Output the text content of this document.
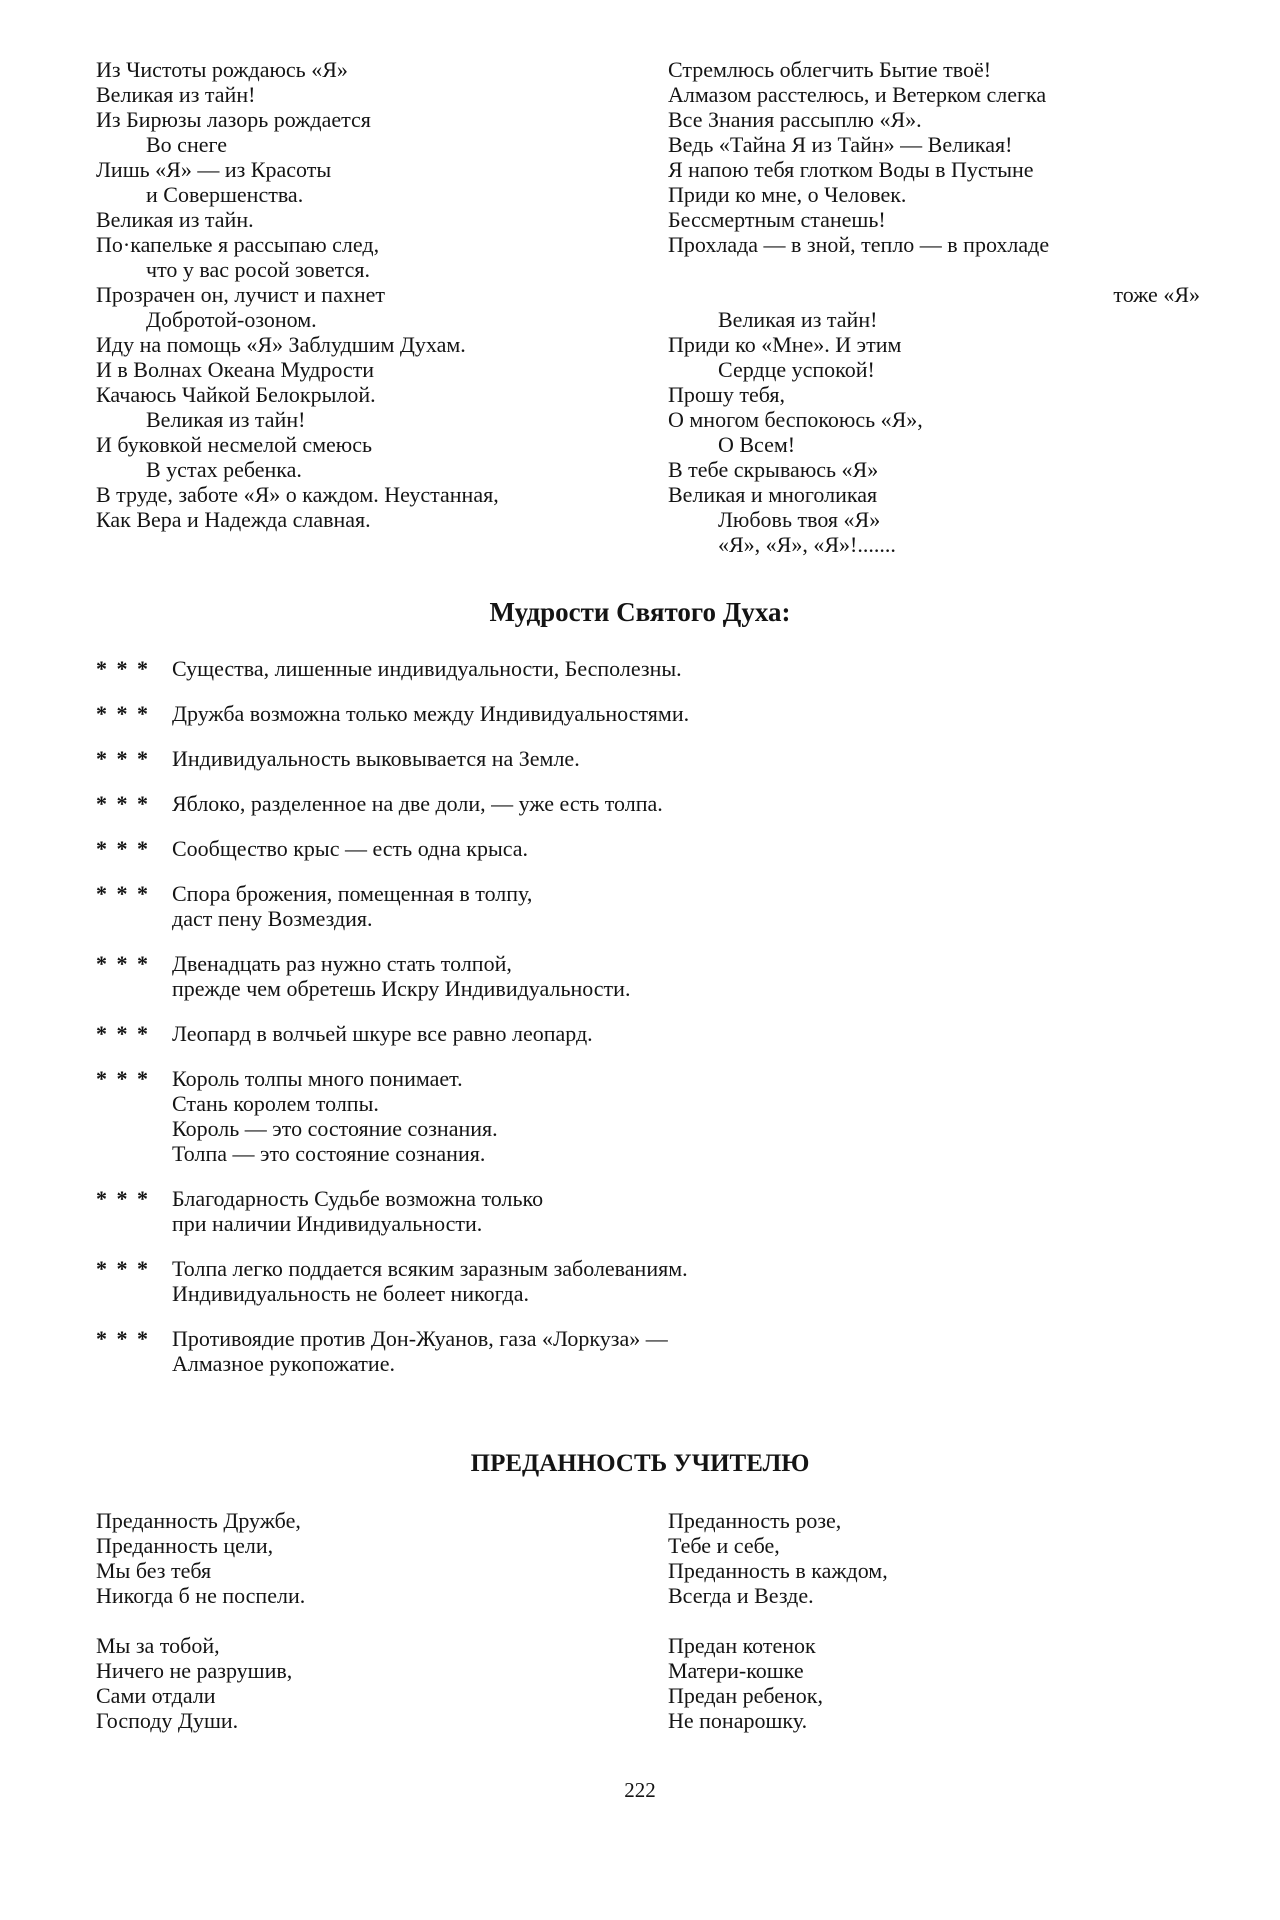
Из Чистоты рождаюсь «Я»
Великая из тайн!
Из Бирюзы лазорь рождается
Во снеге
Лишь «Я» — из Красоты
и Совершенства.
Великая из тайн.
По·капельке я рассыпаю след,
что у вас росой зовется.
Прозрачен он, лучист и пахнет
Добротой-озоном.
Иду на помощь «Я» Заблудшим Духам.
И в Волнах Океана Мудрости
Качаюсь Чайкой Белокрылой.
Великая из тайн!
И буковкой несмелой смеюсь
В устах ребенка.
В труде, заботе «Я» о каждом. Неустанная,
Как Вера и Надежда славная.
Стремлюсь облегчить Бытие твоё!
Алмазом расстелюсь, и Ветерком слегка
Все Знания рассыплю «Я».
Ведь «Тайна Я из Тайн» — Великая!
Я напою тебя глотком Воды в Пустыне
Приди ко мне, о Человек.
Бессмертным станешь!
Прохлада — в зной, тепло — в прохладе
тоже «Я»
Великая из тайн!
Приди ко «Мне». И этим
Сердце успокой!
Прошу тебя,
О многом беспокоюсь «Я»,
О Всем!
В тебе скрываюсь «Я»
Великая и многоликая
Любовь твоя «Я»
«Я», «Я», «Я»!.......
Мудрости Святого Духа:
* * *	Существа, лишенные индивидуальности, Бесполезны.
* * *	Дружба возможна только между Индивидуальностями.
* * *	Индивидуальность выковывается на Земле.
* * *	Яблоко, разделенное на две доли, — уже есть толпа.
* * *	Сообщество крыс — есть одна крыса.
* * *	Спора брожения, помещенная в толпу,
даст пену Возмездия.
* * *	Двенадцать раз нужно стать толпой,
прежде чем обретешь Искру Индивидуальности.
* * *	Леопард в волчьей шкуре все равно леопард.
* * *	Король толпы много понимает.
Стань королем толпы.
Король — это состояние сознания.
Толпа — это состояние сознания.
* * *	Благодарность Судьбе возможна только
при наличии Индивидуальности.
* * *	Толпа легко поддается всяким заразным заболеваниям.
Индивидуальность не болеет никогда.
* * *	Противоядие против Дон-Жуанов, газа «Лоркуза» —
Алмазное рукопожатие.
ПРЕДАННОСТЬ УЧИТЕЛЮ
Преданность Дружбе,
Преданность цели,
Мы без тебя
Никогда б не поспели.
Мы за тобой,
Ничего не разрушив,
Сами отдали
Господу Души.
Преданность розе,
Тебе и себе,
Преданность в каждом,
Всегда и Везде.
Предан котенок
Матери-кошке
Предан ребенок,
Не понарошку.
222
